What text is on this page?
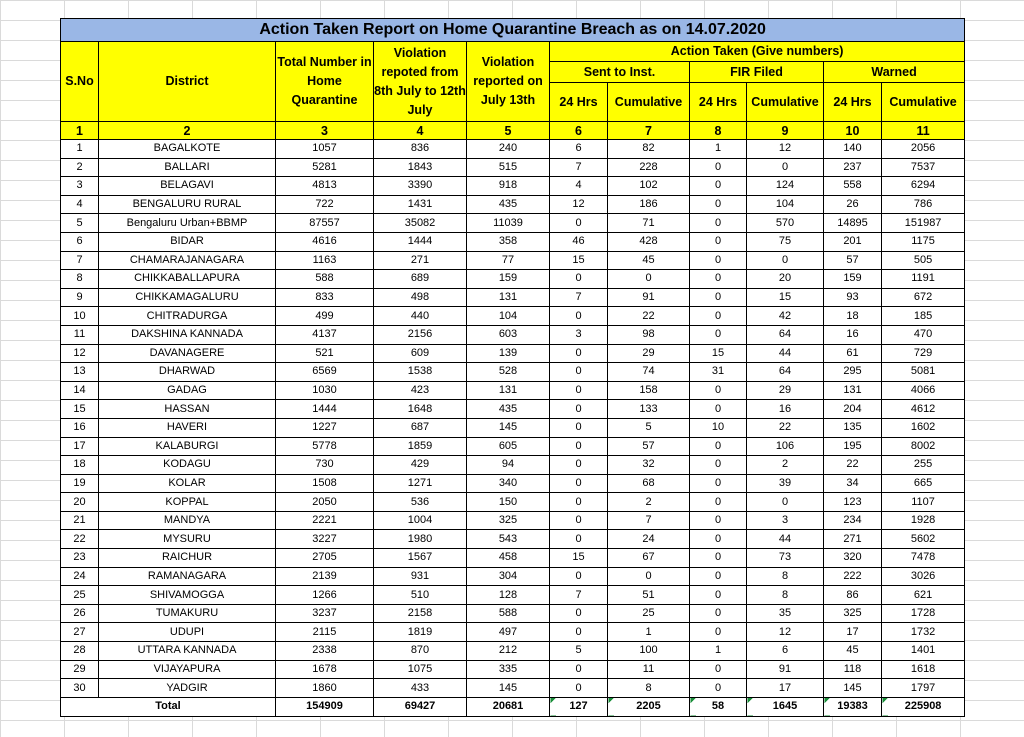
Action Taken Report on Home Quarantine Breach as on 14.07.2020										
S.No	District	Total Number in Home Quarantine	Violation repoted from 8th July to 12th July	Violation reported on July 13th	Action Taken (Give numbers)					
					Sent to Inst.		FIR Filed		Warned	
					24 Hrs	Cumulative	24 Hrs	Cumulative	24 Hrs	Cumulative
1	2	3	4	5	6	7	8	9	10	11
1	BAGALKOTE	1057	836	240	6	82	1	12	140	2056
2	BALLARI	5281	1843	515	7	228	0	0	237	7537
3	BELAGAVI	4813	3390	918	4	102	0	124	558	6294
4	BENGALURU RURAL	722	1431	435	12	186	0	104	26	786
5	Bengaluru Urban+BBMP	87557	35082	11039	0	71	0	570	14895	151987
6	BIDAR	4616	1444	358	46	428	0	75	201	1175
7	CHAMARAJANAGARA	1163	271	77	15	45	0	0	57	505
8	CHIKKABALLAPURA	588	689	159	0	0	0	20	159	1191
9	CHIKKAMAGALURU	833	498	131	7	91	0	15	93	672
10	CHITRADURGA	499	440	104	0	22	0	42	18	185
11	DAKSHINA KANNADA	4137	2156	603	3	98	0	64	16	470
12	DAVANAGERE	521	609	139	0	29	15	44	61	729
13	DHARWAD	6569	1538	528	0	74	31	64	295	5081
14	GADAG	1030	423	131	0	158	0	29	131	4066
15	HASSAN	1444	1648	435	0	133	0	16	204	4612
16	HAVERI	1227	687	145	0	5	10	22	135	1602
17	KALABURGI	5778	1859	605	0	57	0	106	195	8002
18	KODAGU	730	429	94	0	32	0	2	22	255
19	KOLAR	1508	1271	340	0	68	0	39	34	665
20	KOPPAL	2050	536	150	0	2	0	0	123	1107
21	MANDYA	2221	1004	325	0	7	0	3	234	1928
22	MYSURU	3227	1980	543	0	24	0	44	271	5602
23	RAICHUR	2705	1567	458	15	67	0	73	320	7478
24	RAMANAGARA	2139	931	304	0	0	0	8	222	3026
25	SHIVAMOGGA	1266	510	128	7	51	0	8	86	621
26	TUMAKURU	3237	2158	588	0	25	0	35	325	1728
27	UDUPI	2115	1819	497	0	1	0	12	17	1732
28	UTTARA KANNADA	2338	870	212	5	100	1	6	45	1401
29	VIJAYAPURA	1678	1075	335	0	11	0	91	118	1618
30	YADGIR	1860	433	145	0	8	0	17	145	1797
Total		154909	69427	20681	127	2205	58	1645	19383	225908
